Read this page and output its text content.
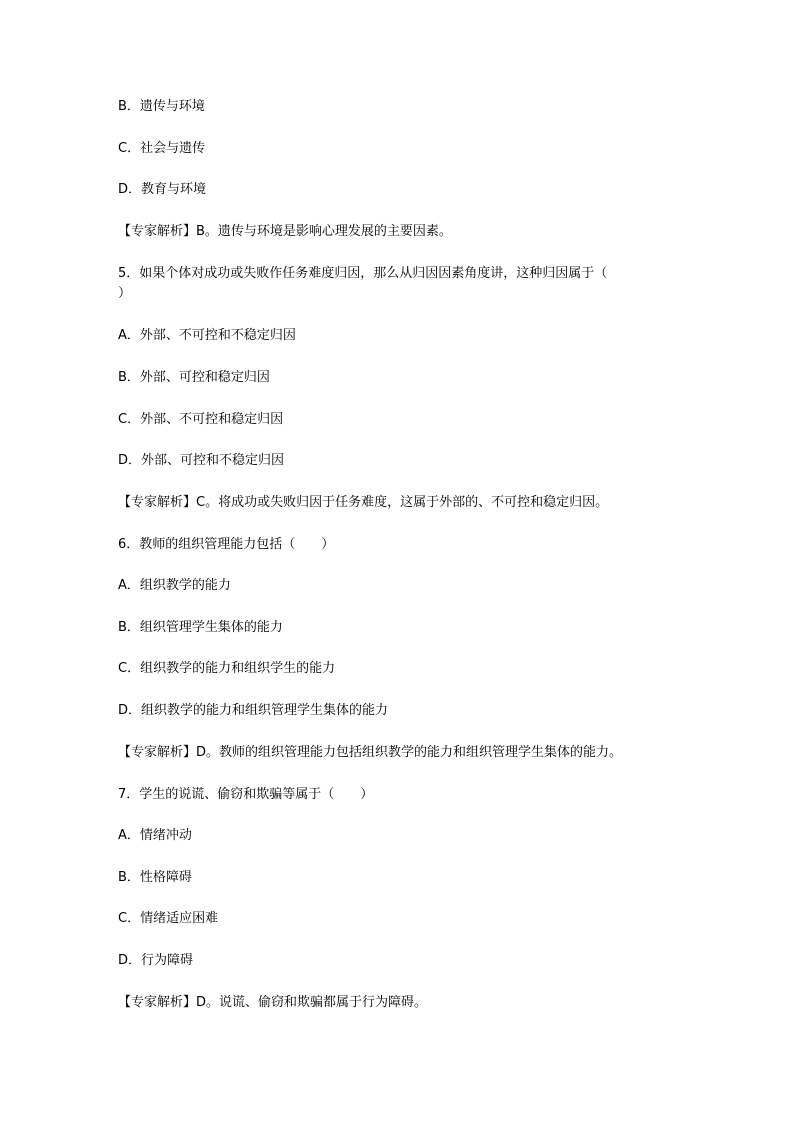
B．遗传与环境
C．社会与遗传
D．教育与环境
【专家解析】B。遗传与环境是影响心理发展的主要因素。
5．如果个体对成功或失败作任务难度归因，那么从归因因素角度讲，这种归因属于（
）
A．外部、不可控和不稳定归因
B．外部、可控和稳定归因
C．外部、不可控和稳定归因
D．外部、可控和不稳定归因
【专家解析】C。将成功或失败归因于任务难度，这属于外部的、不可控和稳定归因。
6．教师的组织管理能力包括（　　）
A．组织教学的能力
B．组织管理学生集体的能力
C．组织教学的能力和组织学生的能力
D．组织教学的能力和组织管理学生集体的能力
【专家解析】D。教师的组织管理能力包括组织教学的能力和组织管理学生集体的能力。
7．学生的说谎、偷窃和欺骗等属于（　　）
A．情绪冲动
B．性格障碍
C．情绪适应困难
D．行为障碍
【专家解析】D。说谎、偷窃和欺骗都属于行为障碍。
